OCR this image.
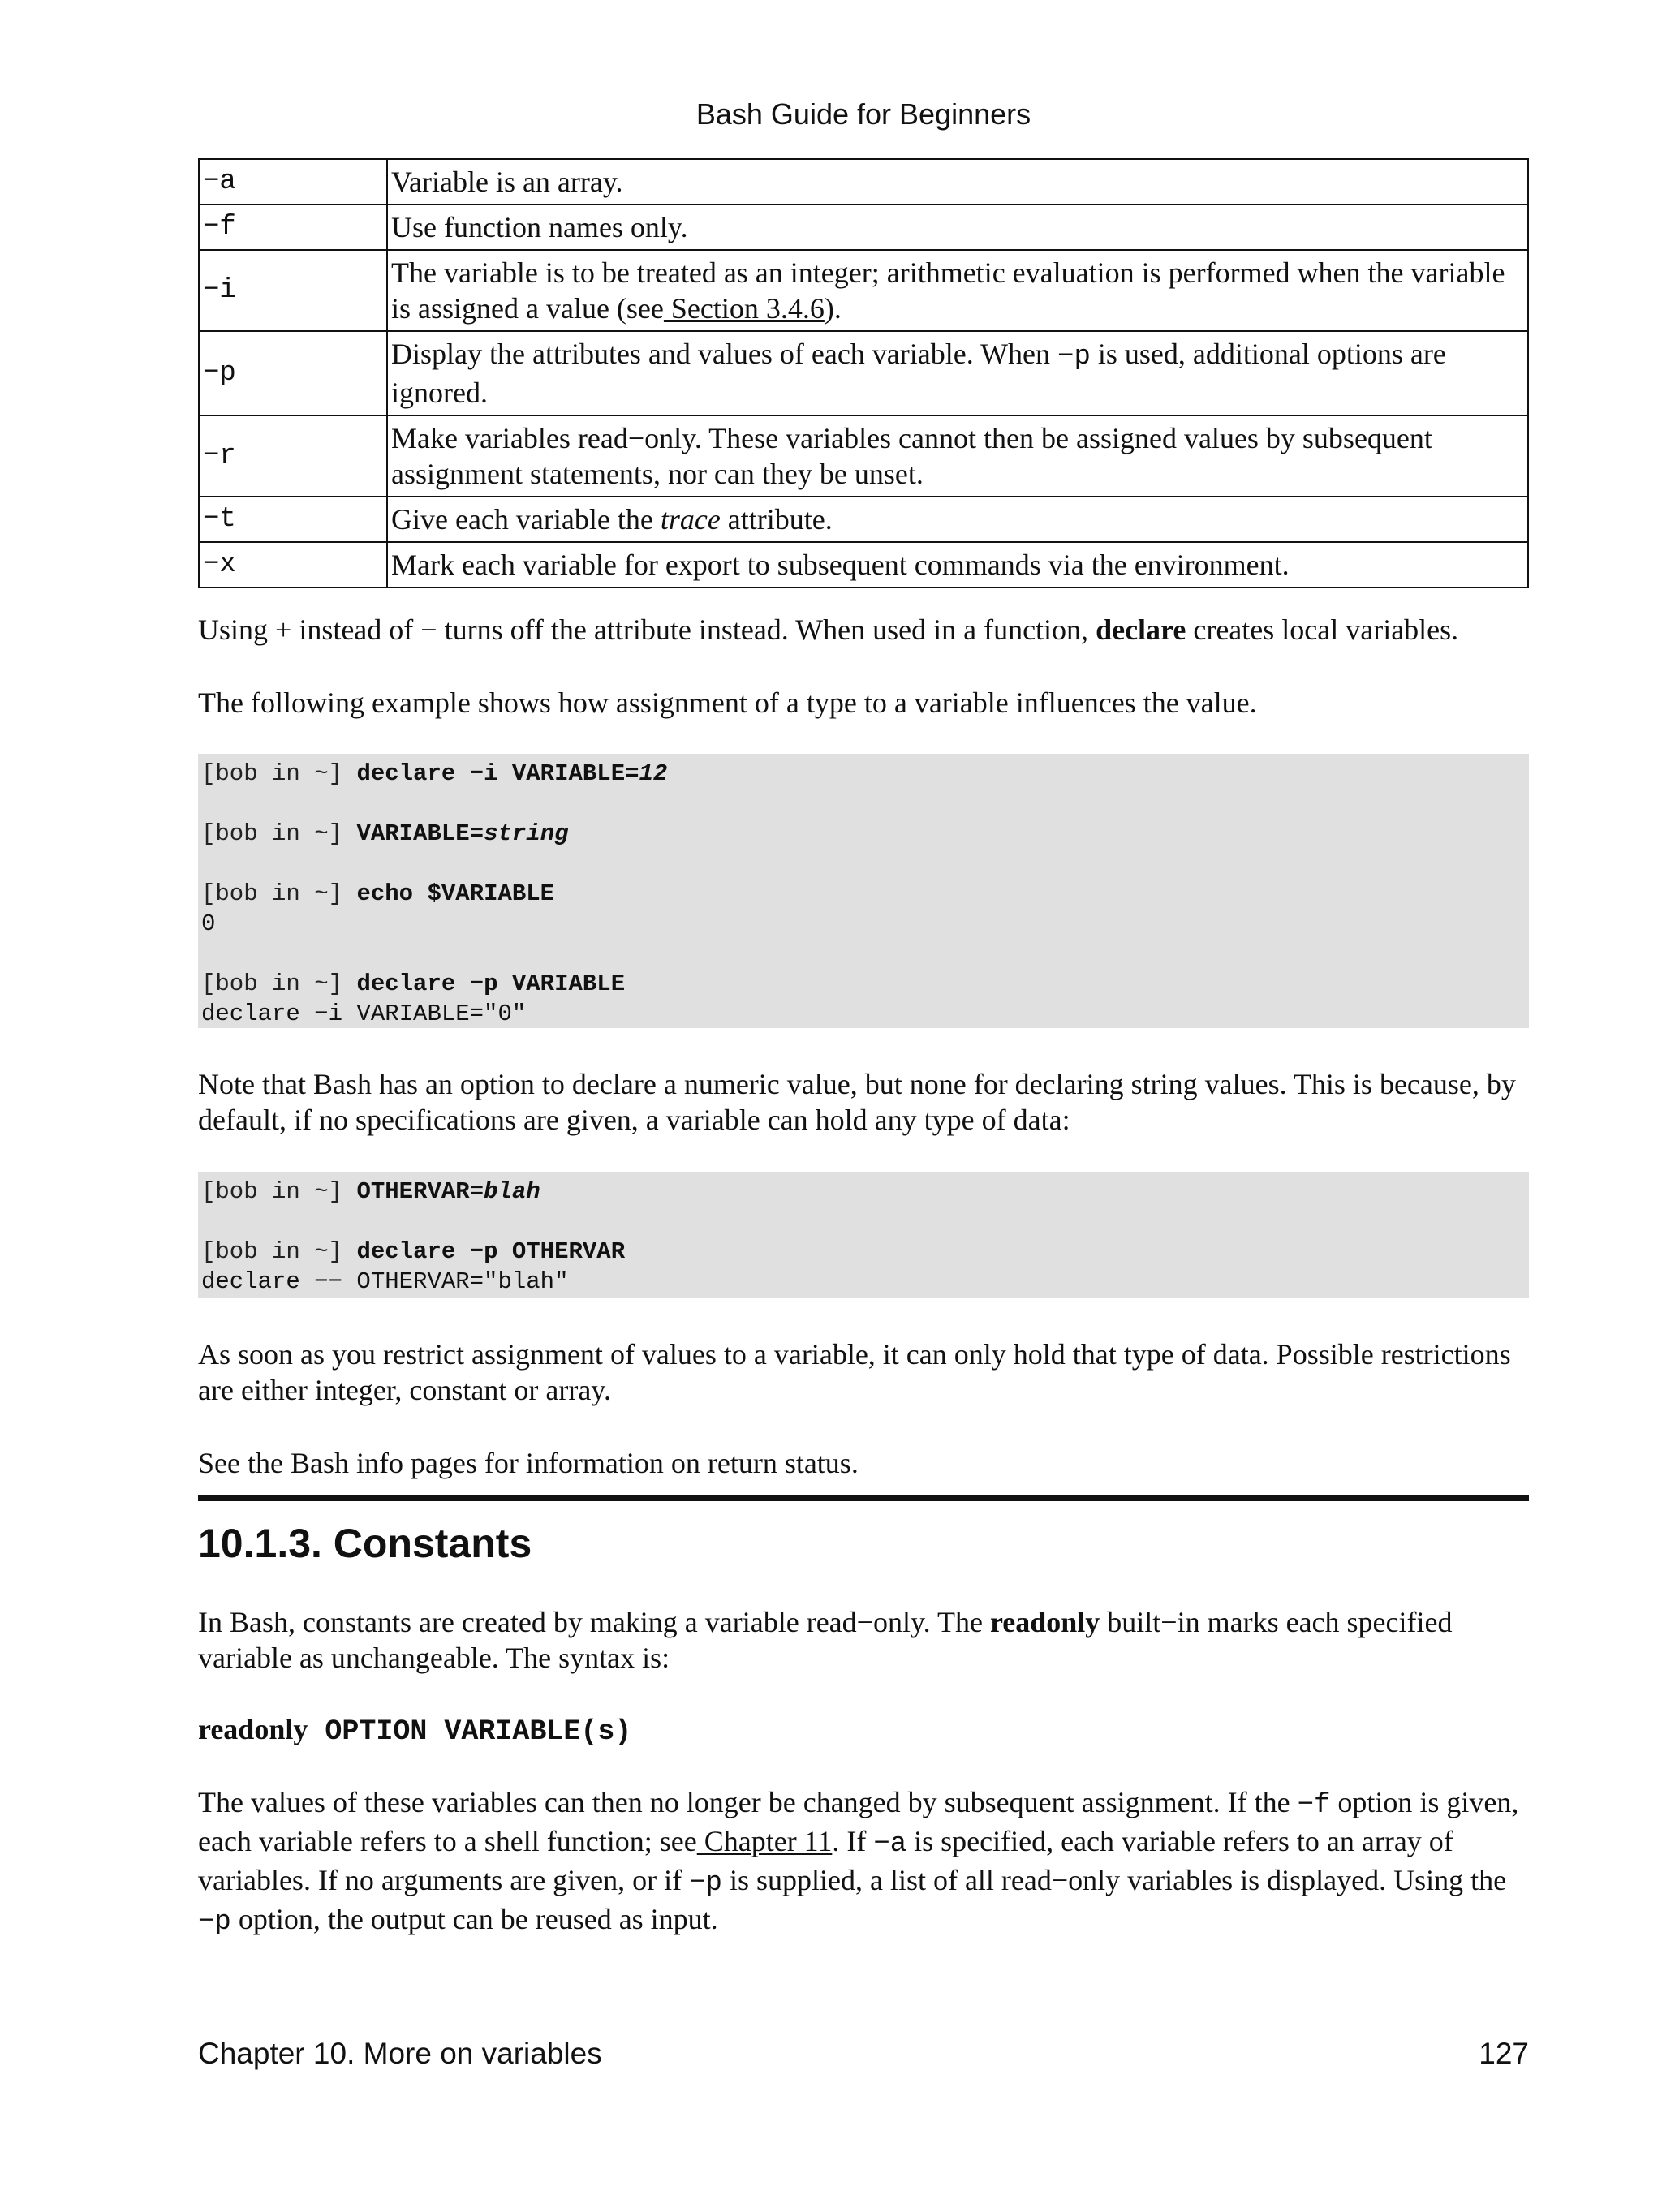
Bash Guide for Beginners
−a	Variable is an array.
−f	Use function names only.
−i	The variable is to be treated as an integer; arithmetic evaluation is performed when the variable is assigned a value (see Section 3.4.6).
−p	Display the attributes and values of each variable. When −p is used, additional options are ignored.
−r	Make variables read−only. These variables cannot then be assigned values by subsequent assignment statements, nor can they be unset.
−t	Give each variable the trace attribute.
−x	Mark each variable for export to subsequent commands via the environment.

Using + instead of − turns off the attribute instead. When used in a function, declare creates local variables.

The following example shows how assignment of a type to a variable influences the value.

[bob in ~] declare −i VARIABLE=12

[bob in ~] VARIABLE=string

[bob in ~] echo $VARIABLE
0

[bob in ~] declare −p VARIABLE
declare −i VARIABLE="0"

Note that Bash has an option to declare a numeric value, but none for declaring string values. This is because, by default, if no specifications are given, a variable can hold any type of data:

[bob in ~] OTHERVAR=blah

[bob in ~] declare −p OTHERVAR
declare −− OTHERVAR="blah"

As soon as you restrict assignment of values to a variable, it can only hold that type of data. Possible restrictions are either integer, constant or array.

See the Bash info pages for information on return status.

10.1.3. Constants

In Bash, constants are created by making a variable read−only. The readonly built−in marks each specified variable as unchangeable. The syntax is:

readonly OPTION VARIABLE(s)

The values of these variables can then no longer be changed by subsequent assignment. If the −f option is given, each variable refers to a shell function; see Chapter 11. If −a is specified, each variable refers to an array of variables. If no arguments are given, or if −p is supplied, a list of all read−only variables is displayed. Using the −p option, the output can be reused as input.

Chapter 10. More on variables	127
